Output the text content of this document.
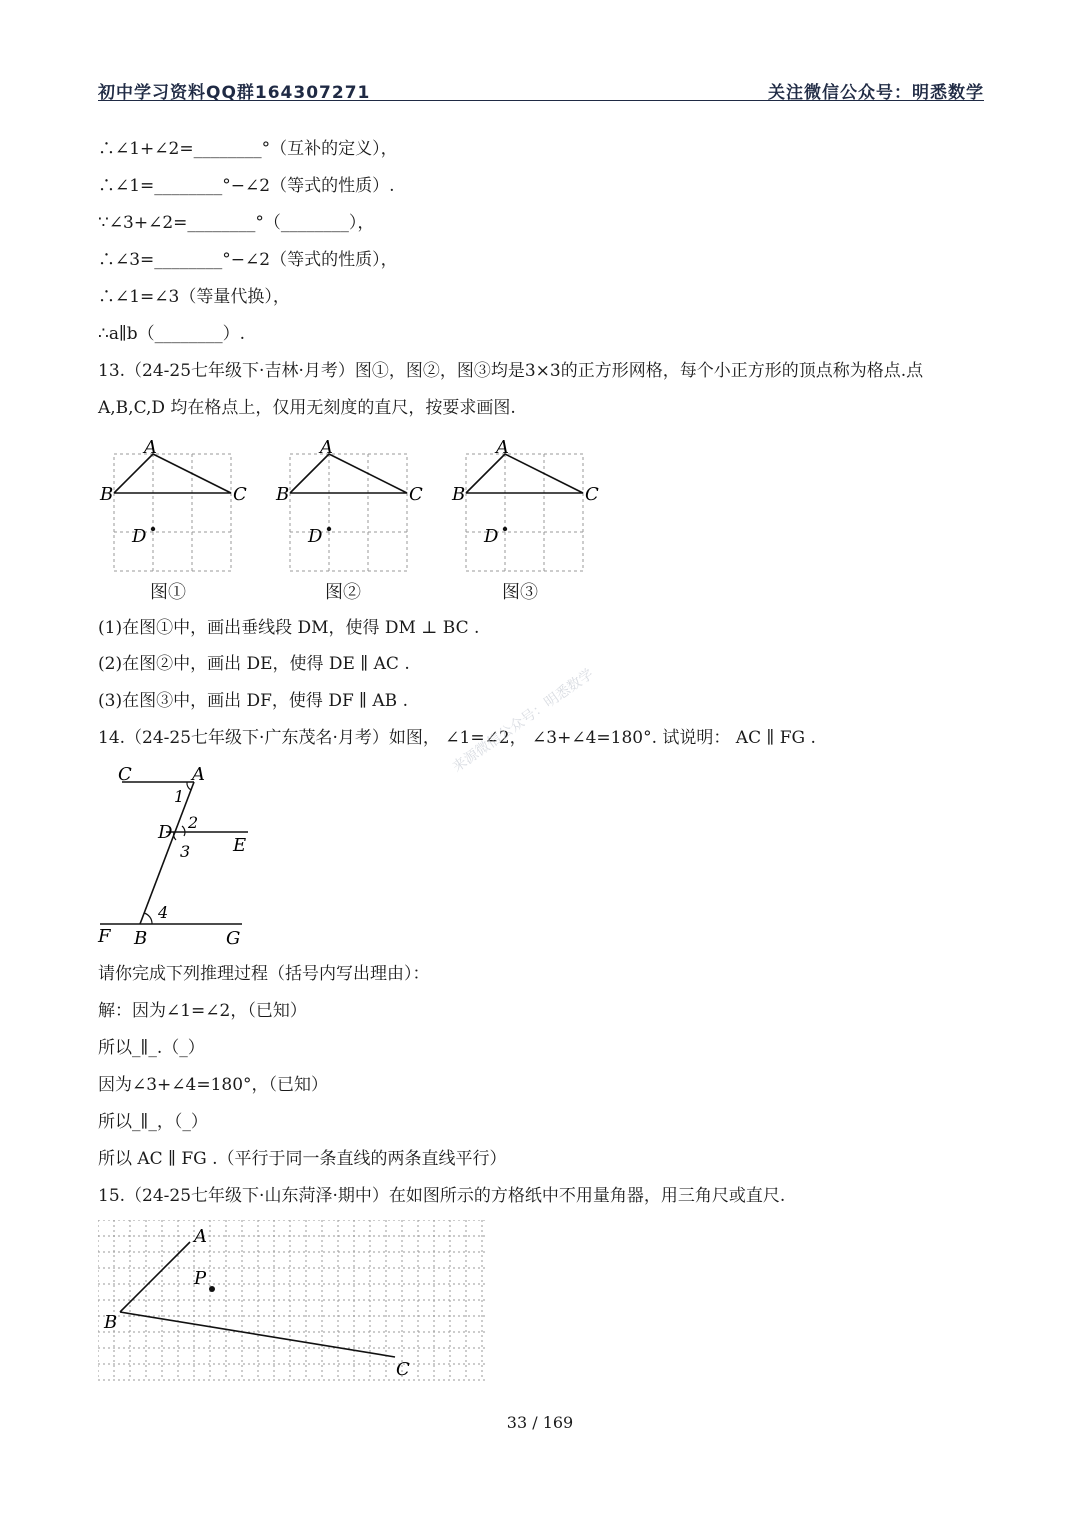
初中学习资料QQ群164307271	关注微信公众号：明悉数学
∴∠1+∠2=________°（互补的定义），
∴∠1=________°−∠2（等式的性质）.
∵∠3+∠2=________°（________），
∴∠3=________°−∠2（等式的性质），
∴∠1=∠3（等量代换），
∴a∥b（________）.
13.（24-25七年级下·吉林·月考）图①，图②，图③均是3×3的正方形网格，每个小正方形的顶点称为格点.点
A,B,C,D 均在格点上，仅用无刻度的直尺，按要求画图.
A
B	C
D
A
B	C
D
A
B	C
D
图①	图②	图③
(1)在图①中，画出垂线段 DM，使得 DM ⊥ BC .
(2)在图②中，画出 DE，使得 DE ∥ AC .
(3)在图③中，画出 DF，使得 DF ∥ AB .
14.（24-25七年级下·广东茂名·月考）如图， ∠1=∠2， ∠3+∠4=180°. 试说明： AC ∥ FG .
来源微信公众号：明悉数学
C	A
1
D 2
3 E
4
F B	G
请你完成下列推理过程（括号内写出理由）：
解：因为∠1=∠2，（已知）
所以_∥_.（_）
因为∠3+∠4=180°，（已知）
所以_∥_，（_）
所以 AC ∥ FG .（平行于同一条直线的两条直线平行）
15.（24-25七年级下·山东菏泽·期中）在如图所示的方格纸中不用量角器，用三角尺或直尺.
A
P
B
C
33 / 169
